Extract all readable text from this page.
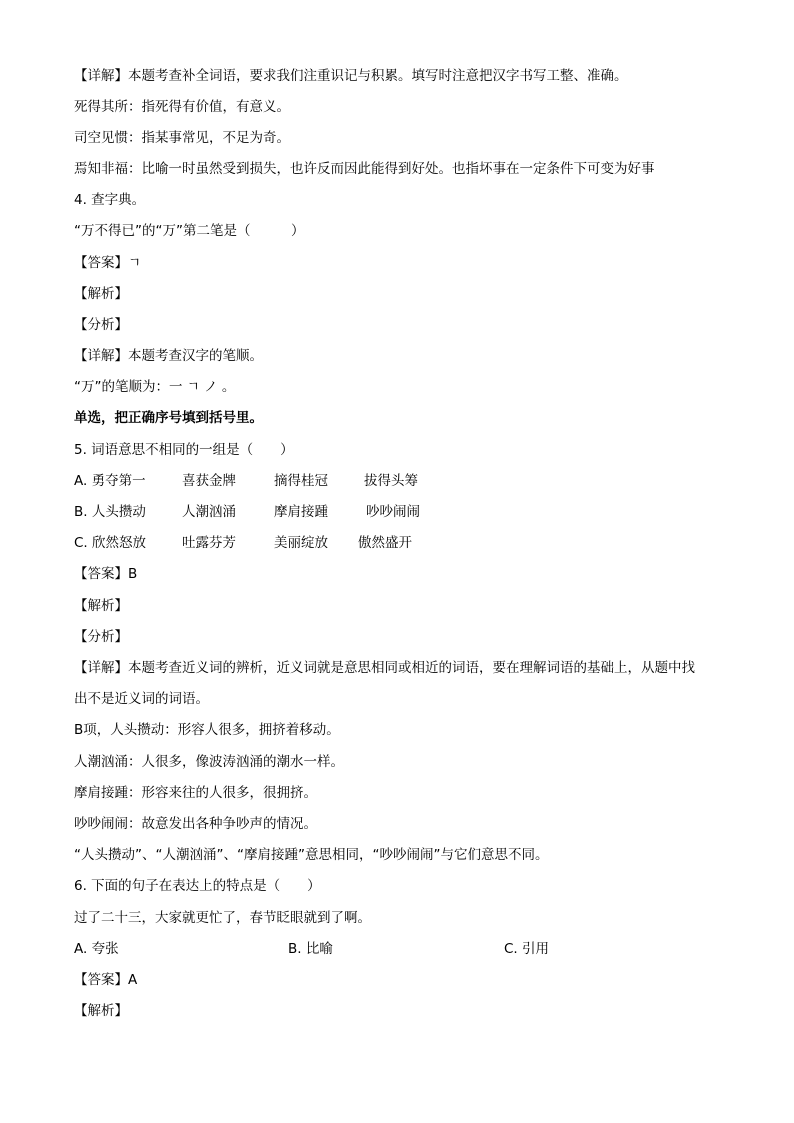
【详解】本题考查补全词语，要求我们注重识记与积累。填写时注意把汉字书写工整、准确。
死得其所：指死得有价值，有意义。
司空见惯：指某事常见，不足为奇。
焉知非福：比喻一时虽然受到损失，也许反而因此能得到好处。也指坏事在一定条件下可变为好事
4. 查字典。
“万不得已”的“万”第二笔是（　　　）
【答案】ㄱ
【解析】
【分析】
【详解】本题考查汉字的笔顺。
“万”的笔顺为：一 ㄱ ノ 。
单选，把正确序号填到括号里。
5. 词语意思不相同的一组是（　　）
A. 勇夺第一	喜获金牌	摘得桂冠	拔得头筹
B. 人头攒动	人潮汹涌	摩肩接踵	吵吵闹闹
C. 欣然怒放	吐露芬芳	美丽绽放	傲然盛开
【答案】B
【解析】
【分析】
【详解】本题考查近义词的辨析，近义词就是意思相同或相近的词语，要在理解词语的基础上，从题中找
出不是近义词的词语。
B项，人头攒动：形容人很多，拥挤着移动。
人潮汹涌：人很多，像波涛汹涌的潮水一样。
摩肩接踵：形容来往的人很多，很拥挤。
吵吵闹闹：故意发出各种争吵声的情况。
“人头攒动”、“人潮汹涌”、“摩肩接踵”意思相同，“吵吵闹闹”与它们意思不同。
6. 下面的句子在表达上的特点是（　　）
过了二十三，大家就更忙了，春节眨眼就到了啊。
A. 夸张	B. 比喻	C. 引用
【答案】A
【解析】
